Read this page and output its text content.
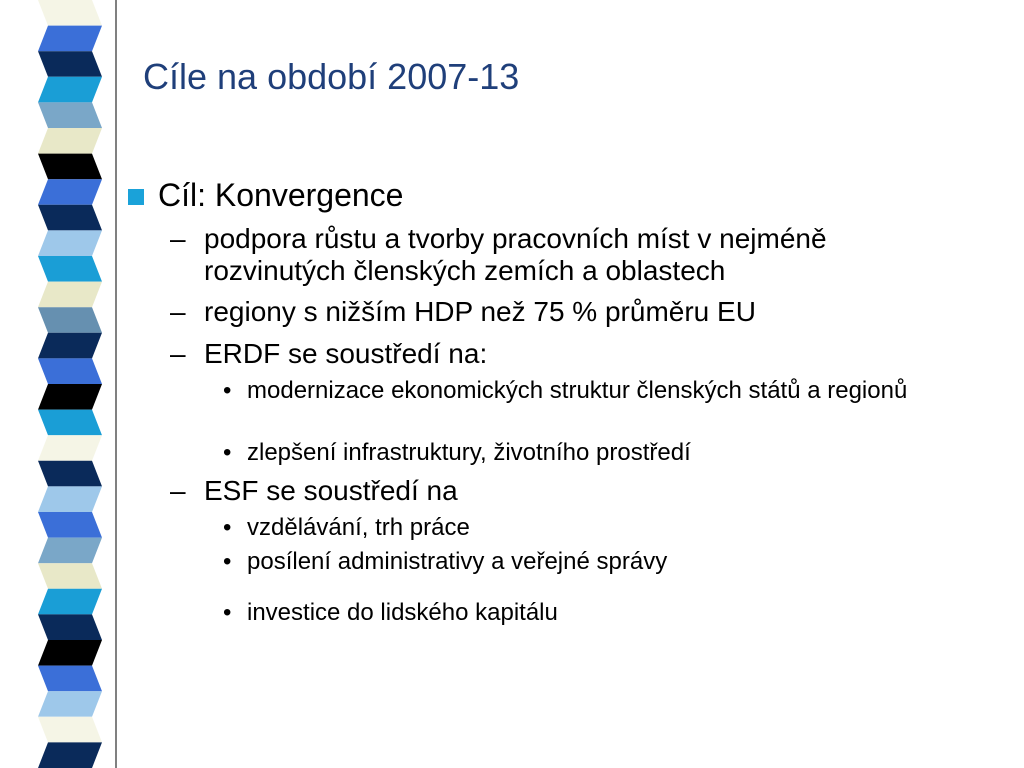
Cíle na období 2007-13
Cíl: Konvergence
– podpora růstu a tvorby pracovních míst v nejméně rozvinutých členských zemích a oblastech
– regiony s nižším HDP než 75 % průměru EU
– ERDF se soustředí na:
• modernizace ekonomických struktur členských států a regionů
• zlepšení infrastruktury, životního prostředí
– ESF se soustředí na
• vzdělávání, trh práce
• posílení administrativy a veřejné správy
• investice do lidského kapitálu
